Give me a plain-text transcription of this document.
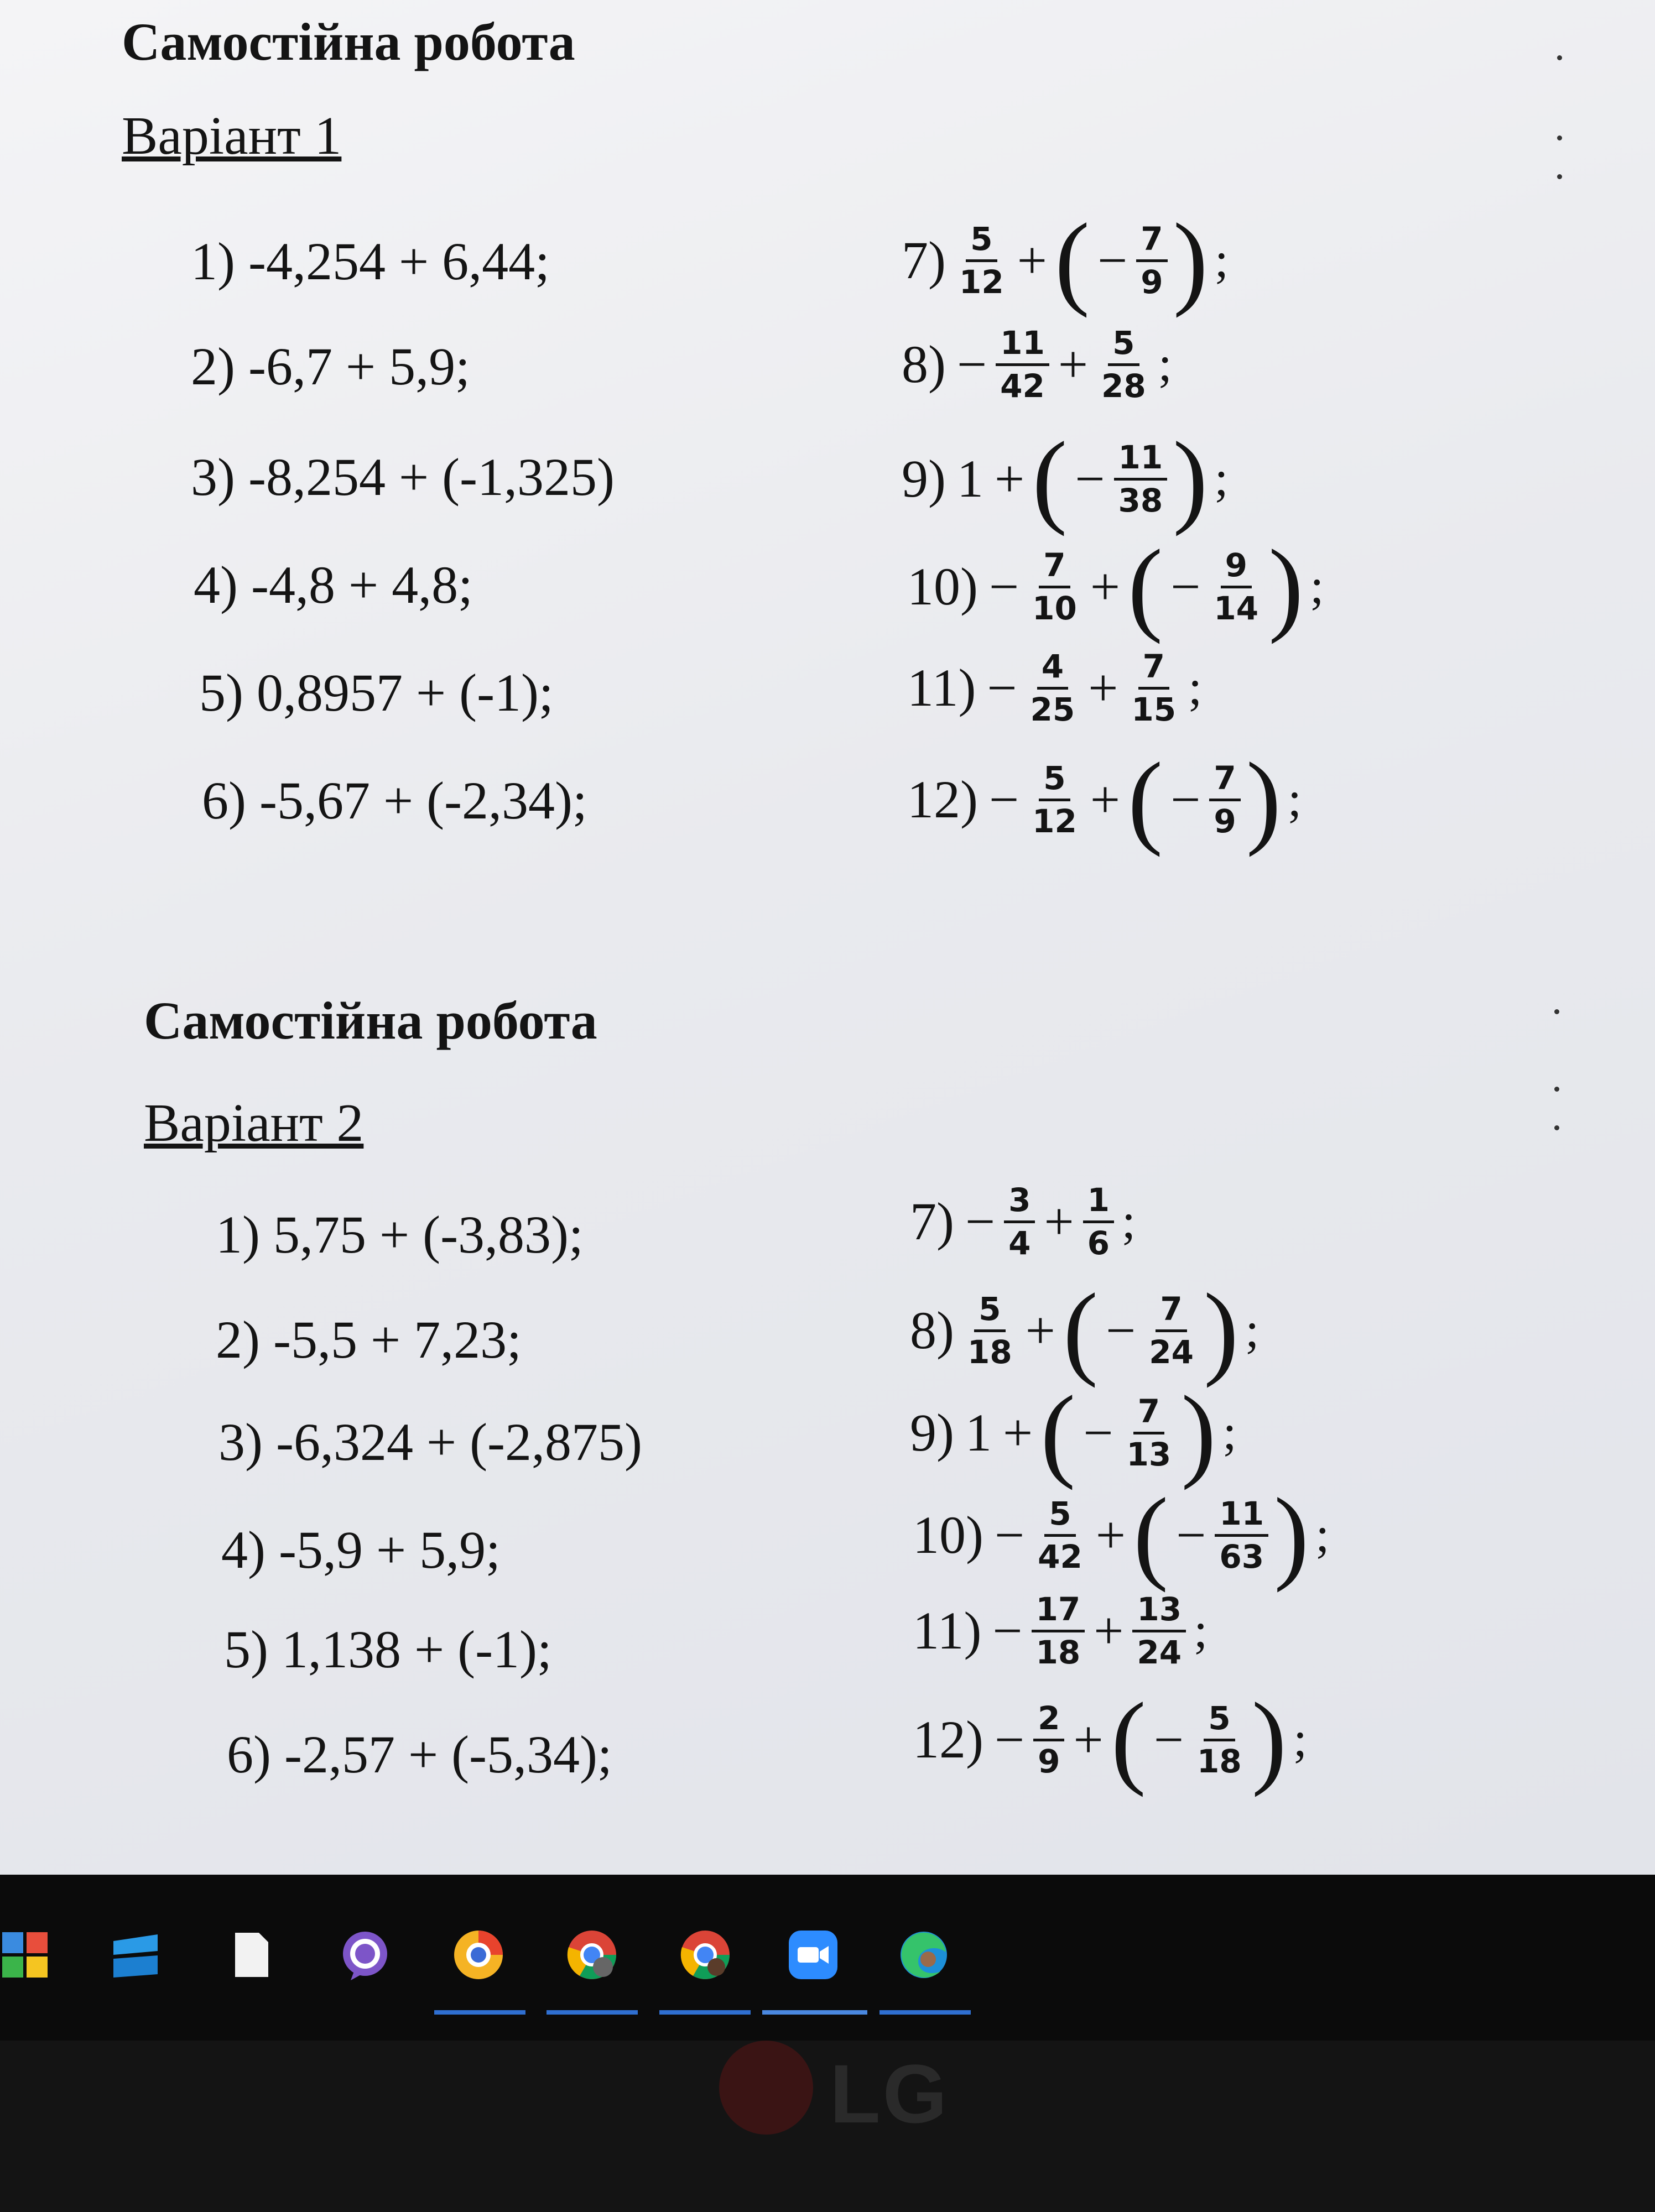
Самостійна робота
Варіант 1
1) -4,254 + 6,44;
2) -6,7 + 5,9;
3) -8,254 + (-1,325)
4) -4,8 + 4,8;
5) 0,8957 + (-1);
6) -5,67 + (-2,34);
$7) \frac{5}{12}$ + ( − $\frac{7}{9}$ ) ;
$8) - \frac{11}{42} + \frac{5}{28}$ ;
9) 1 + ( − $\frac{11}{38}$ ) ;
$10) - \frac{7}{10}$ + ( − $\frac{9}{14}$ ) ;
$11) - \frac{4}{25} + \frac{7}{15}$ ;
$12) - \frac{5}{12}$ + ( − $\frac{7}{9}$ ) ;
Самостійна робота
Варіант 2
1) 5,75 + (-3,83);
2) -5,5 + 7,23;
3) -6,324 + (-2,875)
4) -5,9 + 5,9;
5) 1,138 + (-1);
6) -2,57 + (-5,34);
$7) - \frac{3}{4} + \frac{1}{6}$ ;
$8) \frac{5}{18}$ + ( − $\frac{7}{24}$ ) ;
9) 1 + ( − $\frac{7}{13}$ ) ;
$10) - \frac{5}{42}$ + ( − $\frac{11}{63}$ ) ;
$11) - \frac{17}{18} + \frac{13}{24}$ ;
$12) - \frac{2}{9}$ + ( − $\frac{5}{18}$ ) ;
LG
